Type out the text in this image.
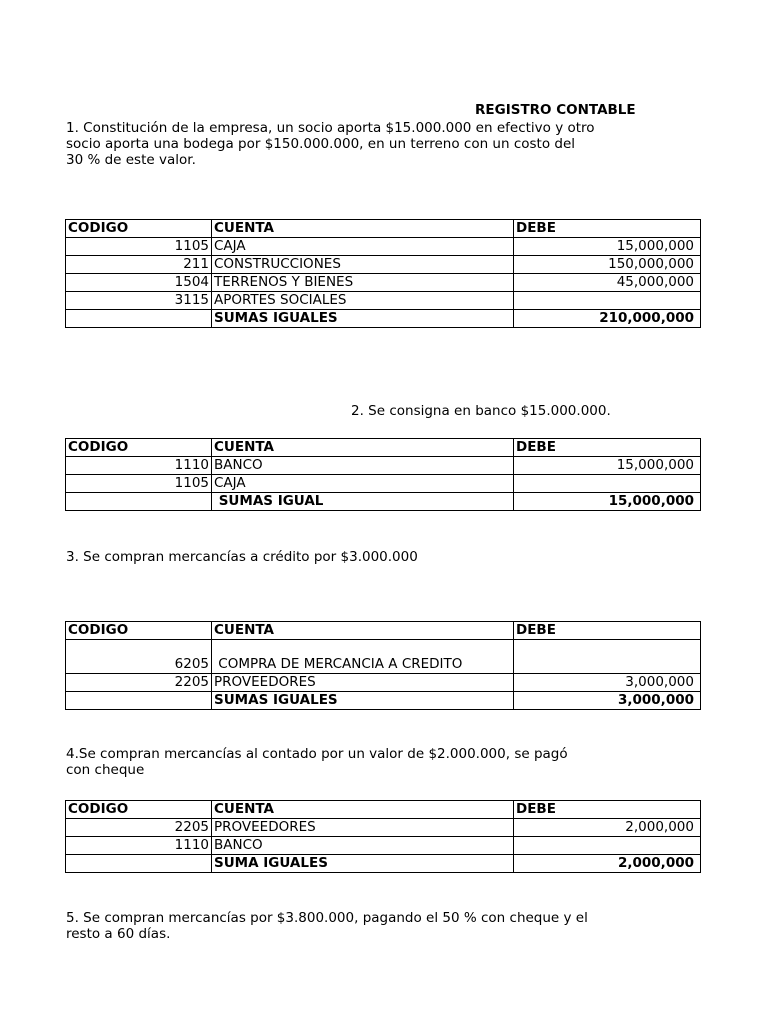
REGISTRO CONTABLE
1. Constitución de la empresa, un socio aporta $15.000.000 en efectivo y otro
socio aporta una bodega por $150.000.000, en un terreno con un costo del
30 % de este valor.
CODIGO	CUENTA	DEBE
1105	CAJA	15,000,000
211	CONSTRUCCIONES	150,000,000
1504	TERRENOS Y BIENES	45,000,000
3115	APORTES SOCIALES	
	SUMAS IGUALES	210,000,000
2. Se consigna en banco $15.000.000.
CODIGO	CUENTA	DEBE
1110	BANCO	15,000,000
1105	CAJA	
	SUMAS IGUAL	15,000,000
3. Se compran mercancías a crédito por $3.000.000
CODIGO	CUENTA	DEBE
6205	COMPRA DE MERCANCIA A CREDITO	
2205	PROVEEDORES	3,000,000
	SUMAS IGUALES	3,000,000
4.Se compran mercancías al contado por un valor de $2.000.000, se pagó
con cheque
CODIGO	CUENTA	DEBE
2205	PROVEEDORES	2,000,000
1110	BANCO	
	SUMA IGUALES	2,000,000
5. Se compran mercancías por $3.800.000, pagando el 50 % con cheque y el
resto a 60 días.
